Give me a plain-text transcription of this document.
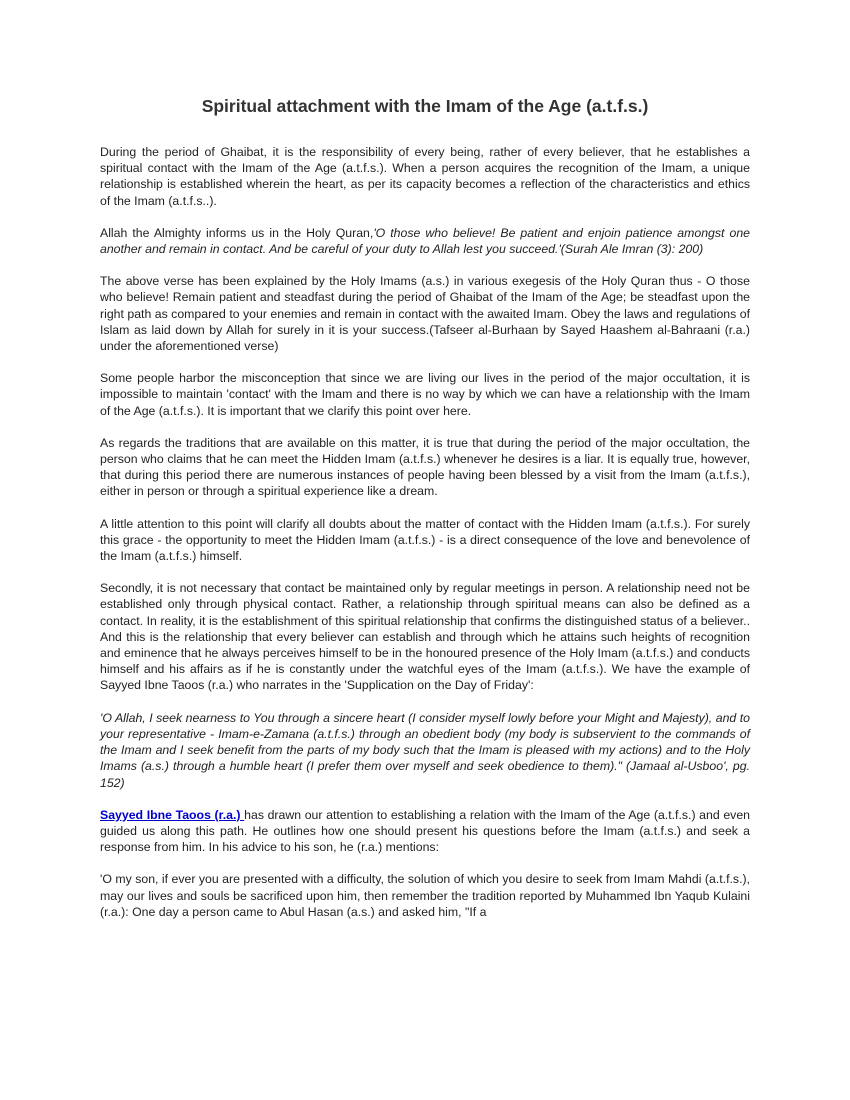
Spiritual attachment with the Imam of the Age (a.t.f.s.)

During the period of Ghaibat, it is the responsibility of every being, rather of every believer, that he establishes a spiritual contact with the Imam of the Age (a.t.f.s.). When a person acquires the recognition of the Imam, a unique relationship is established wherein the heart, as per its capacity becomes a reflection of the characteristics and ethics of the Imam (a.t.f.s..).

Allah the Almighty informs us in the Holy Quran,'O those who believe! Be patient and enjoin patience amongst one another and remain in contact. And be careful of your duty to Allah lest you succeed.'(Surah Ale Imran (3): 200)

The above verse has been explained by the Holy Imams (a.s.) in various exegesis of the Holy Quran thus - O those who believe! Remain patient and steadfast during the period of Ghaibat of the Imam of the Age; be steadfast upon the right path as compared to your enemies and remain in contact with the awaited Imam. Obey the laws and regulations of Islam as laid down by Allah for surely in it is your success.(Tafseer al-Burhaan by Sayed Haashem al-Bahraani (r.a.) under the aforementioned verse)

Some people harbor the misconception that since we are living our lives in the period of the major occultation, it is impossible to maintain 'contact' with the Imam and there is no way by which we can have a relationship with the Imam of the Age (a.t.f.s.). It is important that we clarify this point over here.

As regards the traditions that are available on this matter, it is true that during the period of the major occultation, the person who claims that he can meet the Hidden Imam (a.t.f.s.) whenever he desires is a liar. It is equally true, however, that during this period there are numerous instances of people having been blessed by a visit from the Imam (a.t.f.s.), either in person or through a spiritual experience like a dream.

A little attention to this point will clarify all doubts about the matter of contact with the Hidden Imam (a.t.f.s.). For surely this grace - the opportunity to meet the Hidden Imam (a.t.f.s.) - is a direct consequence of the love and benevolence of the Imam (a.t.f.s.) himself.

Secondly, it is not necessary that contact be maintained only by regular meetings in person. A relationship need not be established only through physical contact. Rather, a relationship through spiritual means can also be defined as a contact. In reality, it is the establishment of this spiritual relationship that confirms the distinguished status of a believer.. And this is the relationship that every believer can establish and through which he attains such heights of recognition and eminence that he always perceives himself to be in the honoured presence of the Holy Imam (a.t.f.s.) and conducts himself and his affairs as if he is constantly under the watchful eyes of the Imam (a.t.f.s.). We have the example of Sayyed Ibne Taoos (r.a.) who narrates in the 'Supplication on the Day of Friday':

'O Allah, I seek nearness to You through a sincere heart (I consider myself lowly before your Might and Majesty), and to your representative - Imam-e-Zamana (a.t.f.s.) through an obedient body (my body is subservient to the commands of the Imam and I seek benefit from the parts of my body such that the Imam is pleased with my actions) and to the Holy Imams (a.s.) through a humble heart (I prefer them over myself and seek obedience to them)." (Jamaal al-Usboo', pg. 152)

Sayyed Ibne Taoos (r.a.) has drawn our attention to establishing a relation with the Imam of the Age (a.t.f.s.) and even guided us along this path. He outlines how one should present his questions before the Imam (a.t.f.s.) and seek a response from him. In his advice to his son, he (r.a.) mentions:

'O my son, if ever you are presented with a difficulty, the solution of which you desire to seek from Imam Mahdi (a.t.f.s.), may our lives and souls be sacrificed upon him, then remember the tradition reported by Muhammed Ibn Yaqub Kulaini (r.a.): One day a person came to Abul Hasan (a.s.) and asked him, "If a
